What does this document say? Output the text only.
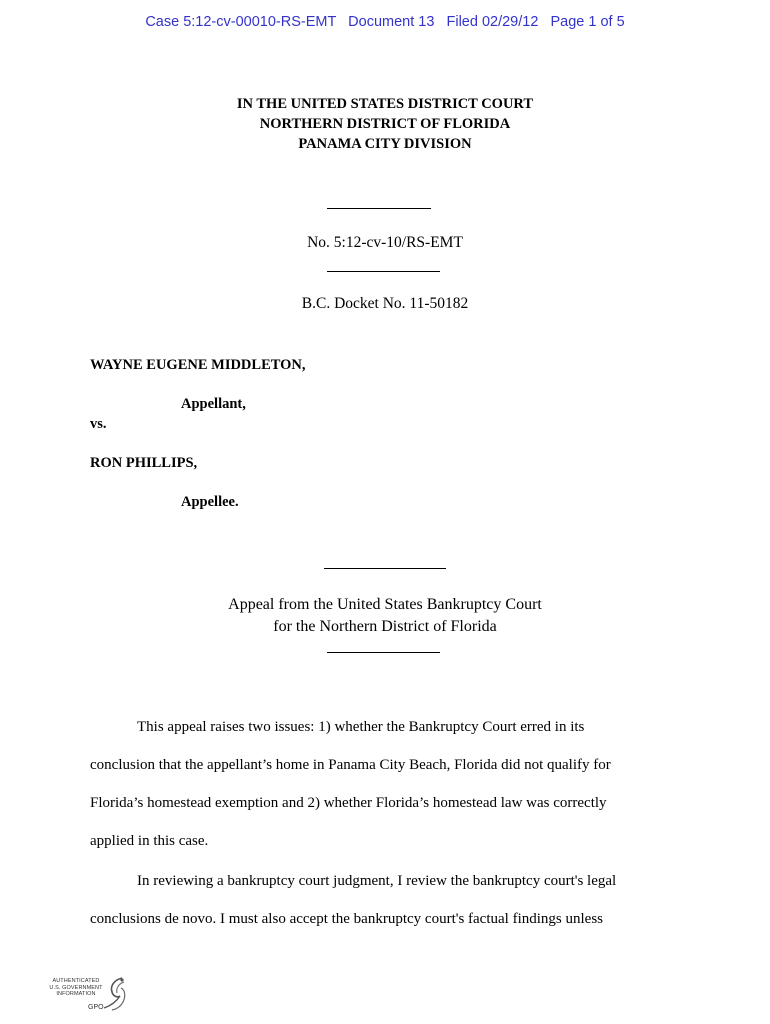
Case 5:12-cv-00010-RS-EMT Document 13 Filed 02/29/12 Page 1 of 5
IN THE UNITED STATES DISTRICT COURT
NORTHERN DISTRICT OF FLORIDA
PANAMA CITY DIVISION
No. 5:12-cv-10/RS-EMT
B.C. Docket No. 11-50182
WAYNE EUGENE MIDDLETON,
Appellant,
vs.
RON PHILLIPS,
Appellee.
Appeal from the United States Bankruptcy Court
for the Northern District of Florida
This appeal raises two issues: 1) whether the Bankruptcy Court erred in its
conclusion that the appellant’s home in Panama City Beach, Florida did not qualify for
Florida’s homestead exemption and 2) whether Florida’s homestead law was correctly
applied in this case.
In reviewing a bankruptcy court judgment, I review the bankruptcy court's legal
conclusions de novo. I must also accept the bankruptcy court's factual findings unless
AUTHENTICATED
U.S. GOVERNMENT
INFORMATION
GPO
